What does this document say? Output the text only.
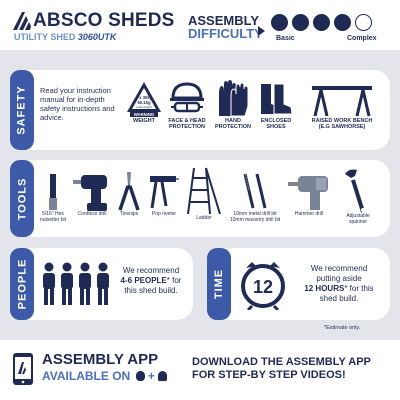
ABSCO SHEDS
UTILITY SHED 3060UTK
ASSEMBLY
DIFFICULTY Basic	Complex
SAFETY Read your instruction manual for in-depth safety instructions and advice.
2 x 30kg
60.1kg
total weight
WARNING
WEIGHT	FACE & HEAD
PROTECTION
HAND
PROTECTION
ENCLOSED
SHOES
RAISED WORK BENCH
(E.G SAWHORSE)
TOOLS	5/16" Hex
nutsetter bit
Cordless drill	Tinsnips	Pop riveter
Ladder
10mm metal drill bit
10mm masonry drill bit
Hammer drill	Adjustable
spanner
PEOPLE	We recommend
4-6 PEOPLE* for
this shed build.	TIME 12
We recommend
putting aside
12 HOURS* for this
shed build.
*Estimate only.
ASSEMBLY APP
AVAILABLE ON +
DOWNLOAD THE ASSEMBLY APP
FOR STEP-BY STEP VIDEOS!
